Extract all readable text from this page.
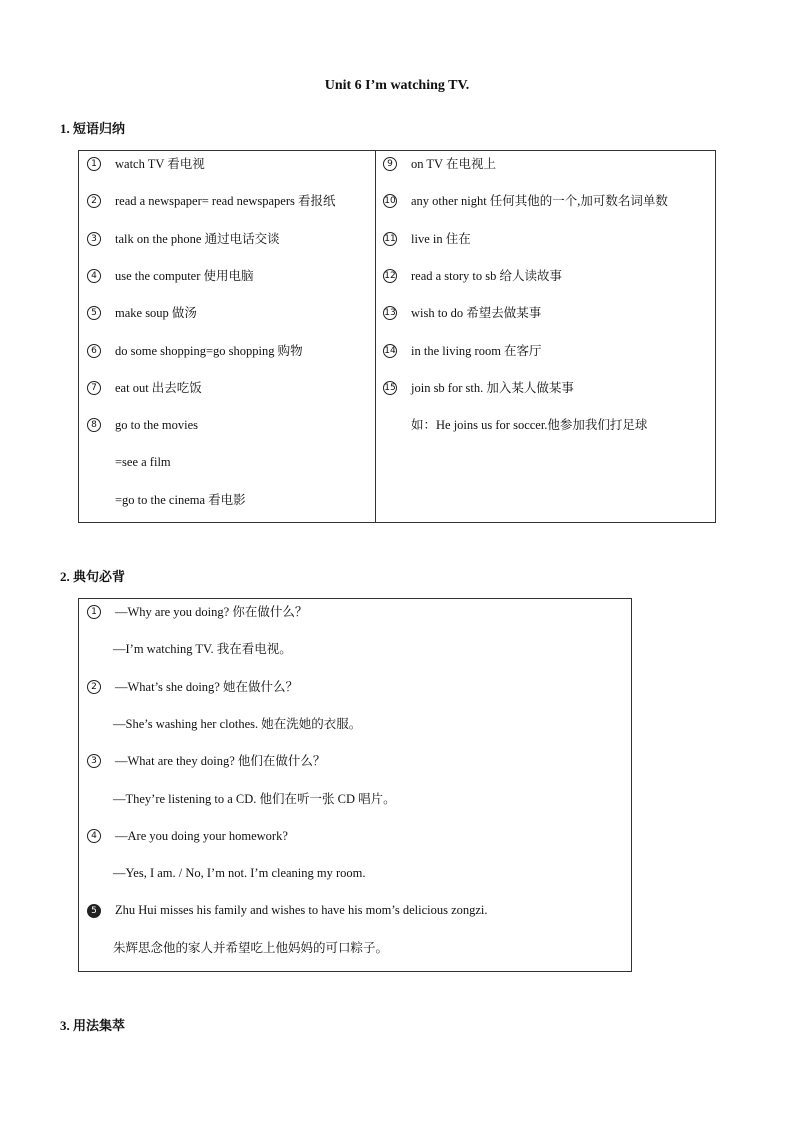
Unit 6 I’m watching TV.
1. 短语归纳
1 watch TV 看电视
2 read a newspaper= read newspapers 看报纸
3 talk on the phone 通过电话交谈
4 use the computer 使用电脑
5 make soup 做汤
6 do some shopping=go shopping 购物
7 eat out 出去吃饭
8 go to the movies
=see a film
=go to the cinema 看电影
9 on TV 在电视上
10 any other night 任何其他的一个,加可数名词单数
11 live in 住在
12 read a story to sb 给人读故事
13 wish to do 希望去做某事
14 in the living room 在客厅
15 join sb for sth. 加入某人做某事
如：He joins us for soccer.他参加我们打足球
2. 典句必背
1 —Why are you doing? 你在做什么？
—I’m watching TV. 我在看电视。
2 —What’s she doing? 她在做什么？
—She’s washing her clothes. 她在洗她的衣服。
3 —What are they doing? 他们在做什么？
—They’re listening to a CD. 他们在听一张 CD 唱片。
4 —Are you doing your homework?
—Yes, I am. / No, I’m not. I’m cleaning my room.
5 Zhu Hui misses his family and wishes to have his mom’s delicious zongzi.
朱辉思念他的家人并希望吃上他妈妈的可口粽子。
3. 用法集萃
